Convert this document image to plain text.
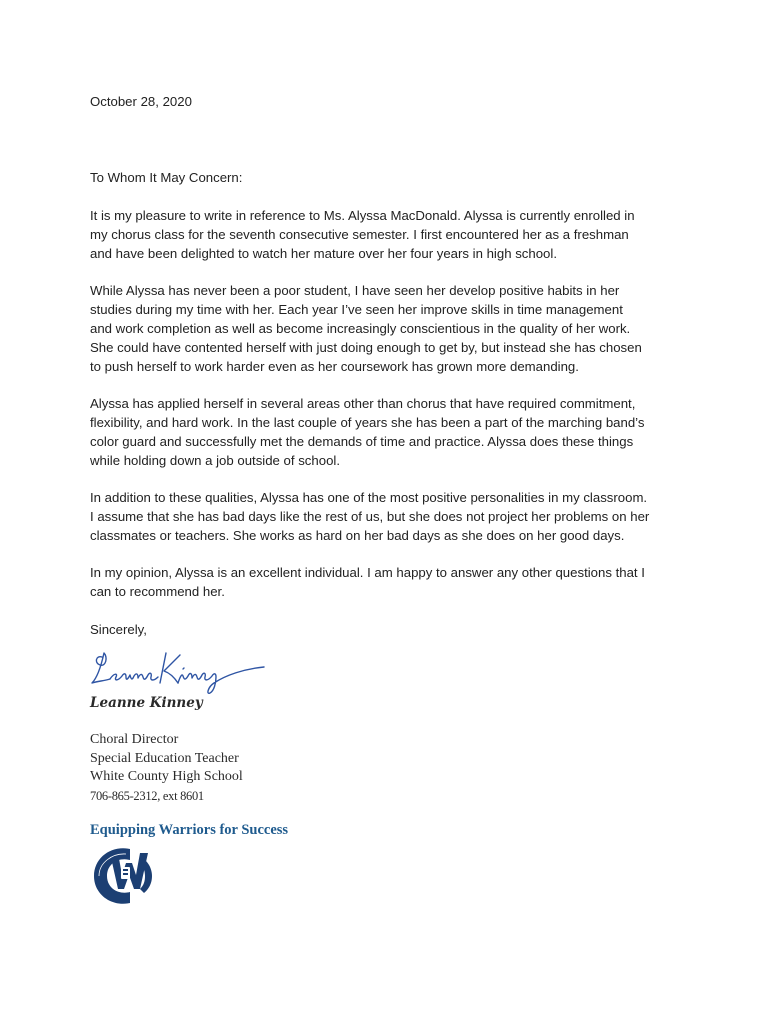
October 28, 2020

To Whom It May Concern:

It is my pleasure to write in reference to Ms. Alyssa MacDonald. Alyssa is currently enrolled in
my chorus class for the seventh consecutive semester. I first encountered her as a freshman
and have been delighted to watch her mature over her four years in high school.

While Alyssa has never been a poor student, I have seen her develop positive habits in her
studies during my time with her. Each year I’ve seen her improve skills in time management
and work completion as well as become increasingly conscientious in the quality of her work.
She could have contented herself with just doing enough to get by, but instead she has chosen
to push herself to work harder even as her coursework has grown more demanding.

Alyssa has applied herself in several areas other than chorus that have required commitment,
flexibility, and hard work. In the last couple of years she has been a part of the marching band’s
color guard and successfully met the demands of time and practice. Alyssa does these things
while holding down a job outside of school.

In addition to these qualities, Alyssa has one of the most positive personalities in my classroom.
I assume that she has bad days like the rest of us, but she does not project her problems on her
classmates or teachers. She works as hard on her bad days as she does on her good days.

In my opinion, Alyssa is an excellent individual. I am happy to answer any other questions that I
can to recommend her.

Sincerely,

Leanne Kinney

Choral Director
Special Education Teacher
White County High School
706-865-2312, ext 8601

Equipping Warriors for Success
